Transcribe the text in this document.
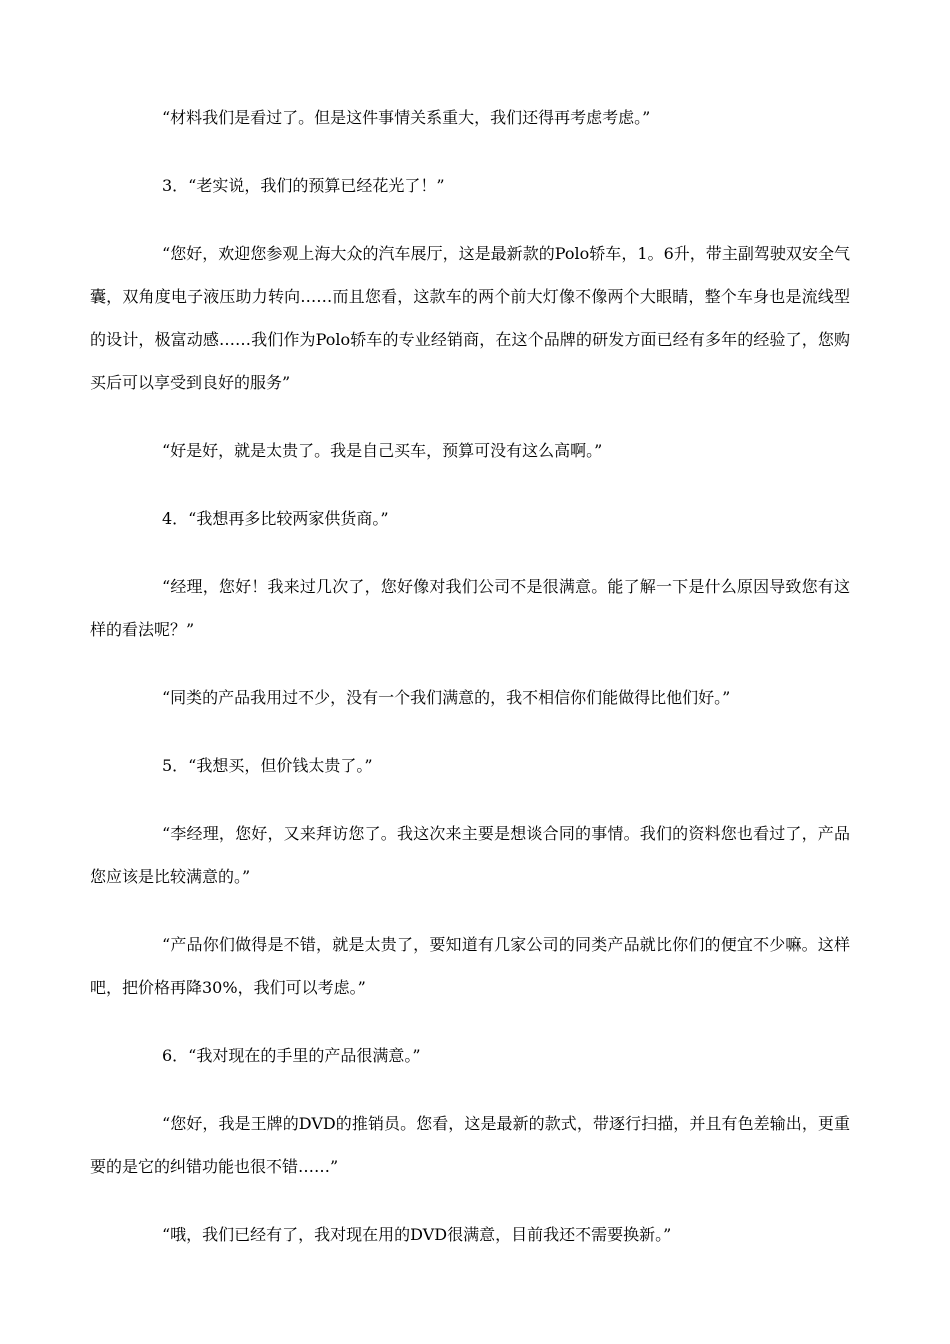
“材料我们是看过了。但是这件事情关系重大，我们还得再考虑考虑。”

3．“老实说，我们的预算已经花光了！”

“您好，欢迎您参观上海大众的汽车展厅，这是最新款的Polo轿车，1。6升，带主副驾驶双安全气囊，双角度电子液压助力转向……而且您看，这款车的两个前大灯像不像两个大眼睛，整个车身也是流线型的设计，极富动感……我们作为Polo轿车的专业经销商，在这个品牌的研发方面已经有多年的经验了，您购买后可以享受到良好的服务”

“好是好，就是太贵了。我是自己买车，预算可没有这么高啊。”

4．“我想再多比较两家供货商。”

“经理，您好！我来过几次了，您好像对我们公司不是很满意。能了解一下是什么原因导致您有这样的看法呢？”

“同类的产品我用过不少，没有一个我们满意的，我不相信你们能做得比他们好。”

5．“我想买，但价钱太贵了。”

“李经理，您好，又来拜访您了。我这次来主要是想谈合同的事情。我们的资料您也看过了，产品您应该是比较满意的。”

“产品你们做得是不错，就是太贵了，要知道有几家公司的同类产品就比你们的便宜不少嘛。这样吧，把价格再降30%，我们可以考虑。”

6．“我对现在的手里的产品很满意。”

“您好，我是王牌的DVD的推销员。您看，这是最新的款式，带逐行扫描，并且有色差输出，更重要的是它的纠错功能也很不错……”

“哦，我们已经有了，我对现在用的DVD很满意，目前我还不需要换新。”
